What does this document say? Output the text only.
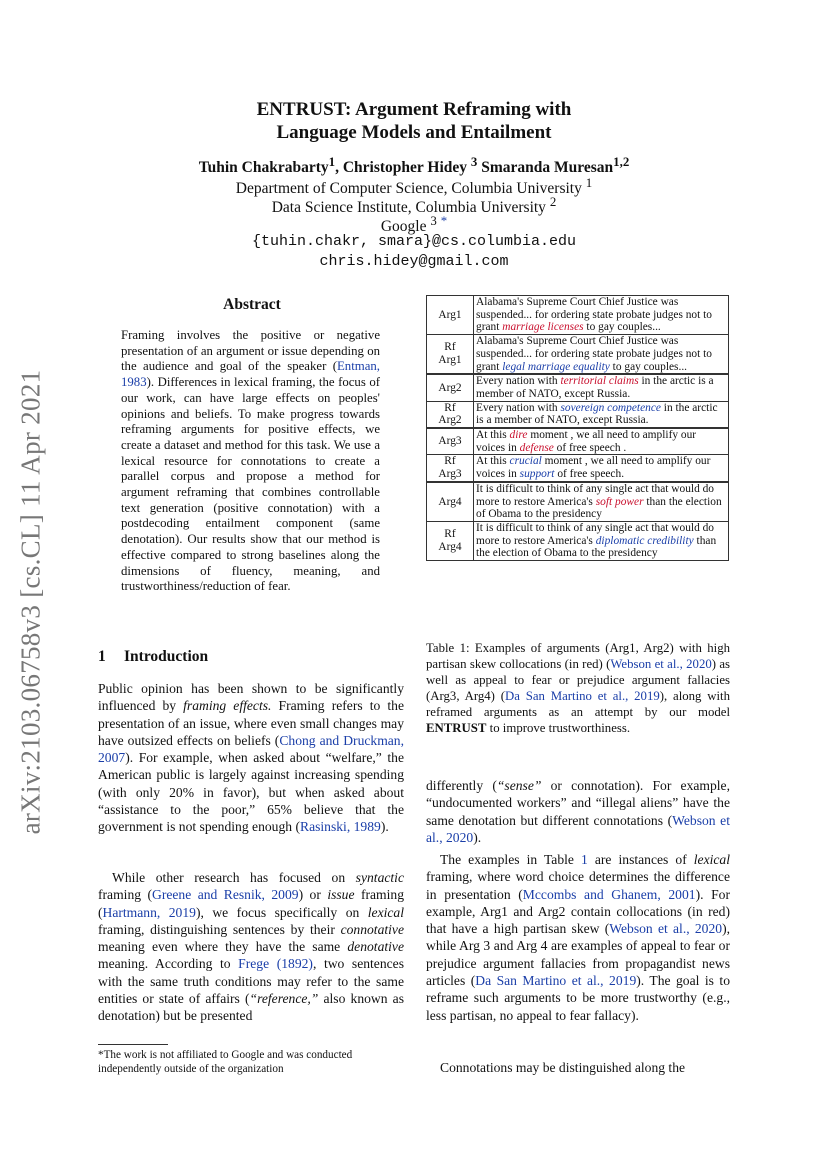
arXiv:2103.06758v3 [cs.CL] 11 Apr 2021
ENTRUST: Argument Reframing with
Language Models and Entailment
Tuhin Chakrabarty$^1$, Christopher Hidey $^3$ Smaranda Muresan$^{1,2}$
Department of Computer Science, Columbia University $^1$
Data Science Institute, Columbia University $^2$
Google $^3$ *
{tuhin.chakr, smara}@cs.columbia.edu
chris.hidey@gmail.com
Abstract
Framing involves the positive or negative presentation of an argument or issue depending on the audience and goal of the speaker (Entman, 1983). Differences in lexical framing, the focus of our work, can have large effects on peoples' opinions and beliefs. To make progress towards reframing arguments for positive effects, we create a dataset and method for this task. We use a lexical resource for connotations to create a parallel corpus and propose a method for argument reframing that combines controllable text generation (positive connotation) with a postdecoding entailment component (same denotation). Our results show that our method is effective compared to strong baselines along the dimensions of fluency, meaning, and trustworthiness/reduction of fear.
1 Introduction
Public opinion has been shown to be significantly influenced by framing effects. Framing refers to the presentation of an issue, where even small changes may have outsized effects on beliefs (Chong and Druckman, 2007). For example, when asked about “welfare,” the American public is largely against increasing spending (with only 20% in favor), but when asked about “assistance to the poor,” 65% believe that the government is not spending enough (Rasinski, 1989).
While other research has focused on syntactic framing (Greene and Resnik, 2009) or issue framing (Hartmann, 2019), we focus specifically on lexical framing, distinguishing sentences by their connotative meaning even where they have the same denotative meaning. According to Frege (1892), two sentences with the same truth conditions may refer to the same entities or state of affairs (“reference,” also known as denotation) but be presented
*The work is not affiliated to Google and was conducted independently outside of the organization
Arg1	Alabama's Supreme Court Chief Justice was suspended... for ordering state probate judges not to grant marriage licenses to gay couples...
Rf
Arg1	Alabama's Supreme Court Chief Justice was suspended... for ordering state probate judges not to grant legal marriage equality to gay couples...
Arg2	Every nation with territorial claims in the arctic is a member of NATO, except Russia.
Rf
Arg2	Every nation with sovereign competence in the arctic is a member of NATO, except Russia.
Arg3	At this dire moment , we all need to amplify our voices in defense of free speech .
Rf
Arg3	At this crucial moment , we all need to amplify our voices in support of free speech.
Arg4	It is difficult to think of any single act that would do more to restore America's soft power than the election of Obama to the presidency
Rf
Arg4	It is difficult to think of any single act that would do more to restore America's diplomatic credibility than the election of Obama to the presidency
Table 1: Examples of arguments (Arg1, Arg2) with high partisan skew collocations (in red) (Webson et al., 2020) as well as appeal to fear or prejudice argument fallacies (Arg3, Arg4) (Da San Martino et al., 2019), along with reframed arguments as an attempt by our model ENTRUST to improve trustworthiness.
differently (“sense” or connotation). For example, “undocumented workers” and “illegal aliens” have the same denotation but different connotations (Webson et al., 2020).
The examples in Table 1 are instances of lexical framing, where word choice determines the difference in presentation (Mccombs and Ghanem, 2001). For example, Arg1 and Arg2 contain collocations (in red) that have a high partisan skew (Webson et al., 2020), while Arg 3 and Arg 4 are examples of appeal to fear or prejudice argument fallacies from propagandist news articles (Da San Martino et al., 2019). The goal is to reframe such arguments to be more trustworthy (e.g., less partisan, no appeal to fear fallacy).
Connotations may be distinguished along the
